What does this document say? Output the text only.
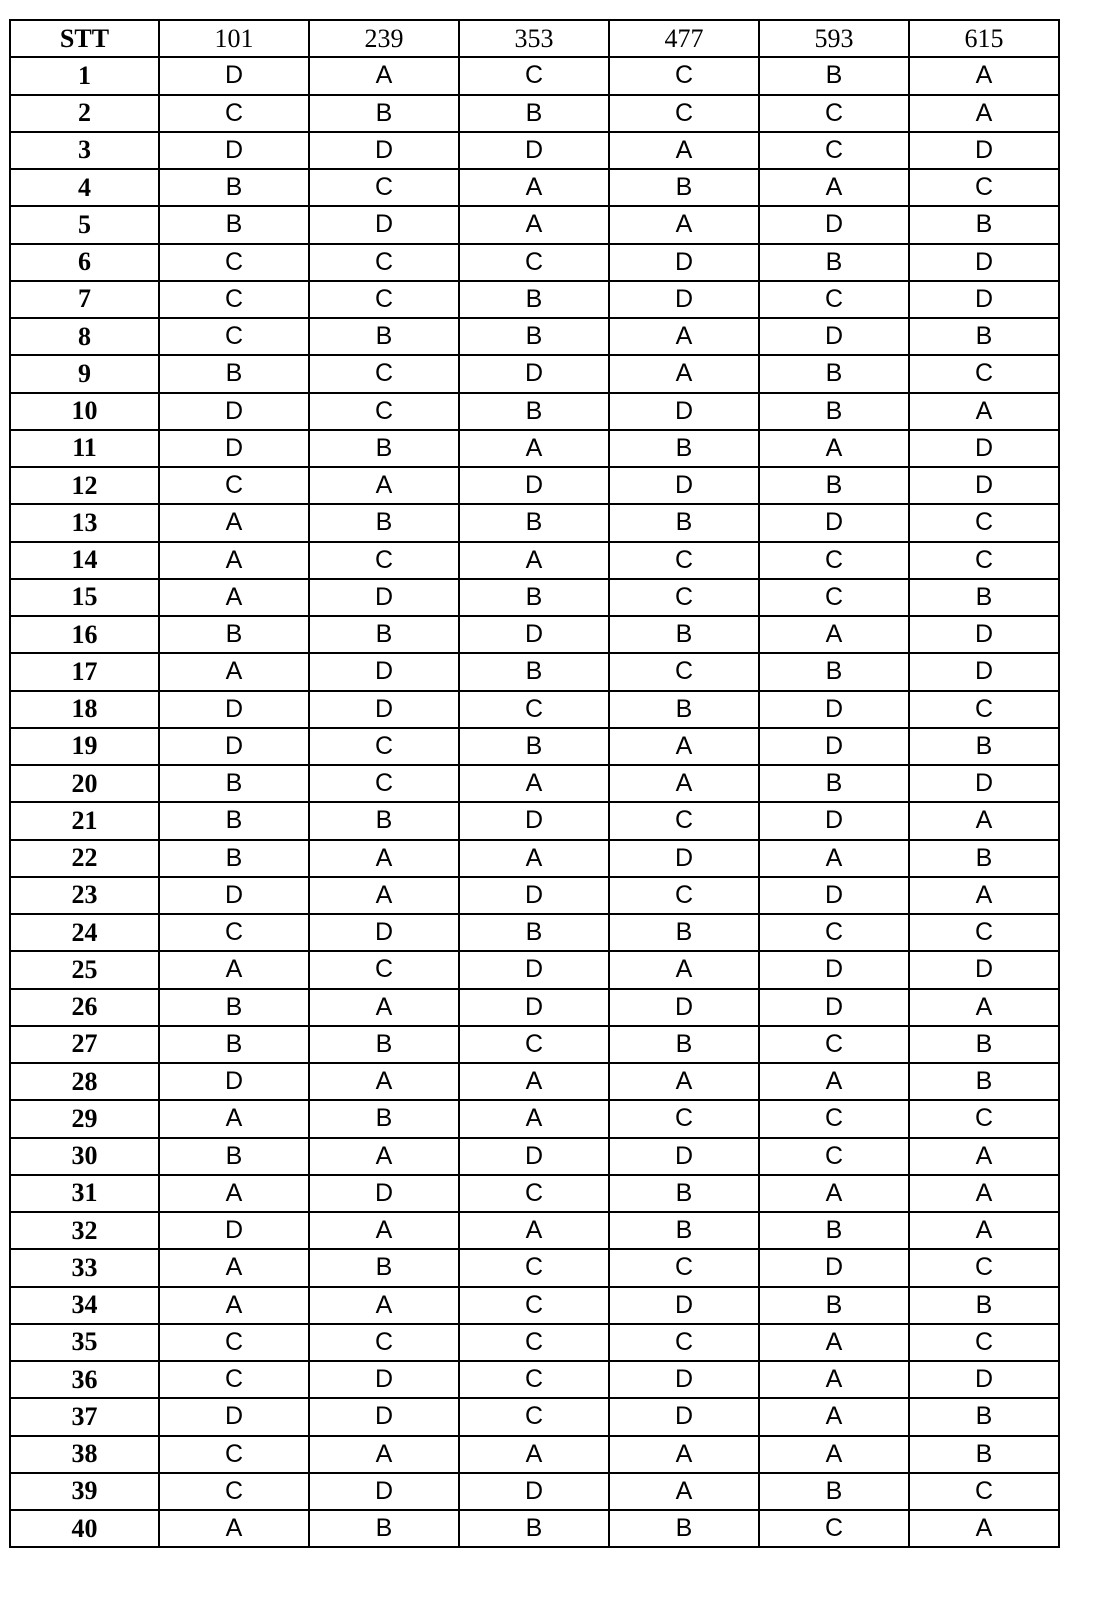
STT	101	239	353	477	593	615
1	D	A	C	C	B	A
2	C	B	B	C	C	A
3	D	D	D	A	C	D
4	B	C	A	B	A	C
5	B	D	A	A	D	B
6	C	C	C	D	B	D
7	C	C	B	D	C	D
8	C	B	B	A	D	B
9	B	C	D	A	B	C
10	D	C	B	D	B	A
11	D	B	A	B	A	D
12	C	A	D	D	B	D
13	A	B	B	B	D	C
14	A	C	A	C	C	C
15	A	D	B	C	C	B
16	B	B	D	B	A	D
17	A	D	B	C	B	D
18	D	D	C	B	D	C
19	D	C	B	A	D	B
20	B	C	A	A	B	D
21	B	B	D	C	D	A
22	B	A	A	D	A	B
23	D	A	D	C	D	A
24	C	D	B	B	C	C
25	A	C	D	A	D	D
26	B	A	D	D	D	A
27	B	B	C	B	C	B
28	D	A	A	A	A	B
29	A	B	A	C	C	C
30	B	A	D	D	C	A
31	A	D	C	B	A	A
32	D	A	A	B	B	A
33	A	B	C	C	D	C
34	A	A	C	D	B	B
35	C	C	C	C	A	C
36	C	D	C	D	A	D
37	D	D	C	D	A	B
38	C	A	A	A	A	B
39	C	D	D	A	B	C
40	A	B	B	B	C	A
